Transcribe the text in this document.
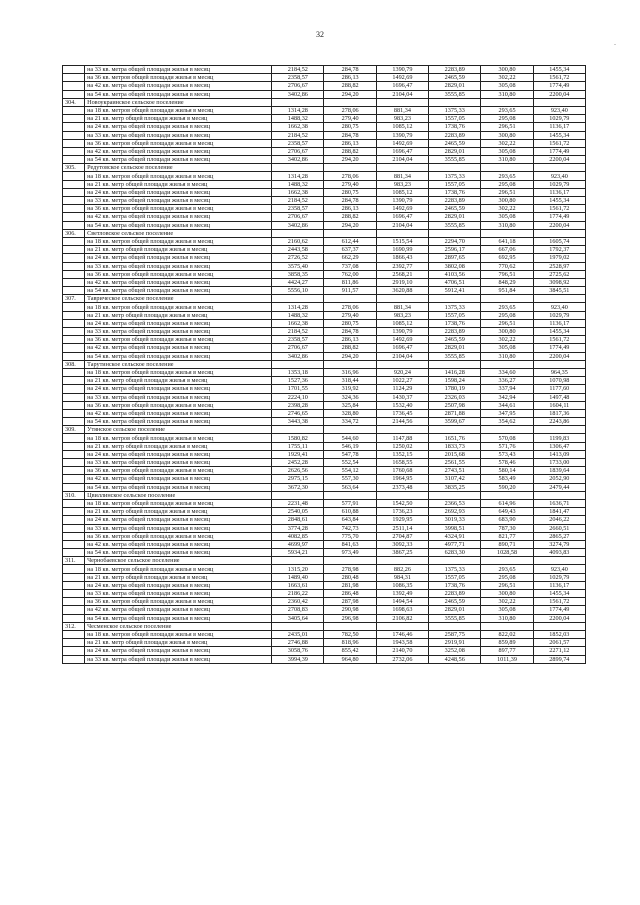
32
-
	на 33 кв. метра общей площади жилья в месяц	2184,52	284,78	1390,79	2283,89	300,80	1455,34
	на 36 кв. метров общей площади жилья в месяц	2358,57	286,13	1492,69	2465,59	302,22	1561,72
	на 42 кв. метра общей площади жилья в месяц	2706,67	288,82	1696,47	2829,01	305,08	1774,49
	на 54 кв. метра общей площади жилья в месяц	3402,86	294,20	2104,04	3555,85	310,80	2200,04
304.	Новоукраинское сельское поселение						
	на 18 кв. метров общей площади жилья в месяц	1314,28	278,06	881,34	1375,33	293,65	923,40
	на 21 кв. метр общей площади жилья в месяц	1488,32	279,40	983,23	1557,05	295,08	1029,79
	на 24 кв. метра общей площади жилья в месяц	1662,38	280,75	1085,12	1738,76	296,51	1136,17
	на 33 кв. метра общей площади жилья в месяц	2184,52	284,78	1390,79	2283,89	300,80	1455,34
	на 36 кв. метров общей площади жилья в месяц	2358,57	286,13	1492,69	2465,59	302,22	1561,72
	на 42 кв. метра общей площади жилья в месяц	2706,67	288,82	1696,47	2829,01	305,08	1774,49
	на 54 кв. метра общей площади жилья в месяц	3402,86	294,20	2104,04	3555,85	310,80	2200,04
305.	Редутовское сельское поселение						
	на 18 кв. метров общей площади жилья в месяц	1314,28	278,06	881,34	1375,33	293,65	923,40
	на 21 кв. метр общей площади жилья в месяц	1488,32	279,40	983,23	1557,05	295,08	1029,79
	на 24 кв. метра общей площади жилья в месяц	1662,38	280,75	1085,12	1738,76	296,51	1136,17
	на 33 кв. метра общей площади жилья в месяц	2184,52	284,78	1390,79	2283,89	300,80	1455,34
	на 36 кв. метров общей площади жилья в месяц	2358,57	286,13	1492,69	2465,59	302,22	1561,72
	на 42 кв. метра общей площади жилья в месяц	2706,67	288,82	1696,47	2829,01	305,08	1774,49
	на 54 кв. метра общей площади жилья в месяц	3402,86	294,20	2104,04	3555,85	310,80	2200,04
306.	Светловское сельское поселение						
	на 18 кв. метров общей площади жилья в месяц	2160,62	612,44	1515,54	2294,70	641,18	1605,74
	на 21 кв. метр общей площади жилья в месяц	2443,58	637,37	1690,99	2596,17	667,06	1792,37
	на 24 кв. метра общей площади жилья в месяц	2726,52	662,29	1866,43	2897,65	692,95	1979,02
	на 33 кв. метра общей площади жилья в месяц	3575,40	737,08	2392,77	3802,08	770,62	2528,97
	на 36 кв. метров общей площади жилья в месяц	3858,35	762,00	2568,21	4103,56	796,51	2725,62
	на 42 кв. метра общей площади жилья в месяц	4424,27	811,86	2919,10	4706,51	848,29	3098,92
	на 54 кв. метра общей площади жилья в месяц	5556,10	911,57	3620,88	5912,41	951,84	3845,51
307.	Таврическое сельское поселение						
	на 18 кв. метров общей площади жилья в месяц	1314,28	278,06	881,34	1375,33	293,65	923,40
	на 21 кв. метр общей площади жилья в месяц	1488,32	279,40	983,23	1557,05	295,08	1029,79
	на 24 кв. метра общей площади жилья в месяц	1662,38	280,75	1085,12	1738,76	296,51	1136,17
	на 33 кв. метра общей площади жилья в месяц	2184,52	284,78	1390,79	2283,89	300,80	1455,34
	на 36 кв. метров общей площади жилья в месяц	2358,57	286,13	1492,69	2465,59	302,22	1561,72
	на 42 кв. метра общей площади жилья в месяц	2706,67	288,82	1696,47	2829,01	305,08	1774,49
	на 54 кв. метра общей площади жилья в месяц	3402,86	294,20	2104,04	3555,85	310,80	2200,04
308.	Тарутинское сельское поселение						
	на 18 кв. метров общей площади жилья в месяц	1353,18	316,96	920,24	1416,28	334,60	964,35
	на 21 кв. метр общей площади жилья в месяц	1527,36	318,44	1022,27	1598,24	336,27	1070,98
	на 24 кв. метра общей площади жилья в месяц	1701,55	319,92	1124,29	1780,19	337,94	1177,60
	на 33 кв. метра общей площади жилья в месяц	2224,10	324,36	1430,37	2326,03	342,94	1497,48
	на 36 кв. метров общей площади жилья в месяц	2398,28	325,84	1532,40	2507,98	344,61	1604,11
	на 42 кв. метра общей площади жилья в месяц	2746,65	328,80	1736,45	2871,88	347,95	1817,36
	на 54 кв. метра общей площади жилья в месяц	3443,38	334,72	2144,56	3599,67	354,62	2243,86
309.	Утянское сельское поселение						
	на 18 кв. метров общей площади жилья в месяц	1580,82	544,60	1147,88	1651,76	570,08	1199,83
	на 21 кв. метр общей площади жилья в месяц	1755,11	546,19	1250,02	1833,73	571,76	1306,47
	на 24 кв. метра общей площади жилья в месяц	1929,41	547,78	1352,15	2015,68	573,43	1413,09
	на 33 кв. метра общей площади жилья в месяц	2452,28	552,54	1658,55	2561,55	578,46	1733,00
	на 36 кв. метров общей площади жилья в месяц	2626,56	554,12	1760,68	2743,51	580,14	1839,64
	на 42 кв. метра общей площади жилья в месяц	2975,15	557,30	1964,95	3107,42	583,49	2052,90
	на 54 кв. метра общей площади жилья в месяц	3672,30	563,64	2373,48	3835,25	590,20	2479,44
310.	Цвиллинское сельское поселение						
	на 18 кв. метров общей площади жилья в месяц	2231,48	577,91	1542,50	2366,53	614,96	1636,71
	на 21 кв. метр общей площади жилья в месяц	2540,05	610,88	1736,23	2692,93	649,43	1841,47
	на 24 кв. метра общей площади жилья в месяц	2848,61	643,84	1929,95	3019,33	683,90	2046,22
	на 33 кв. метра общей площади жилья в месяц	3774,28	742,73	2511,14	3998,51	787,30	2660,51
	на 36 кв. метров общей площади жилья в месяц	4082,85	775,70	2704,87	4324,91	821,77	2865,27
	на 42 кв. метра общей площади жилья в месяц	4699,97	841,63	3092,33	4977,71	890,71	3274,79
	на 54 кв. метра общей площади жилья в месяц	5934,21	973,49	3867,25	6283,30	1028,58	4093,83
311.	Чернобаевское сельское поселение						
	на 18 кв. метров общей площади жилья в месяц	1315,20	278,98	882,26	1375,33	293,65	923,40
	на 21 кв. метр общей площади жилья в месяц	1489,40	280,48	984,31	1557,05	295,08	1029,79
	на 24 кв. метра общей площади жилья в месяц	1663,61	281,98	1086,35	1738,76	296,51	1136,17
	на 33 кв. метра общей площади жилья в месяц	2186,22	286,48	1392,49	2283,89	300,80	1455,34
	на 36 кв. метров общей площади жилья в месяц	2360,42	287,98	1494,54	2465,59	302,22	1561,72
	на 42 кв. метра общей площади жилья в месяц	2708,83	290,98	1698,63	2829,01	305,08	1774,49
	на 54 кв. метра общей площади жилья в месяц	3405,64	296,98	2106,82	3555,85	310,80	2200,04
312.	Чесменское сельское поселение						
	на 18 кв. метров общей площади жилья в месяц	2435,01	782,50	1746,46	2587,75	822,02	1852,03
	на 21 кв. метр общей площади жилья в месяц	2746,88	818,96	1943,58	2919,91	859,89	2061,57
	на 24 кв. метра общей площади жилья в месяц	3058,76	855,42	2140,70	3252,08	897,77	2271,12
	на 33 кв. метра общей площади жилья в месяц	3994,39	964,80	2732,06	4248,56	1011,39	2899,74
